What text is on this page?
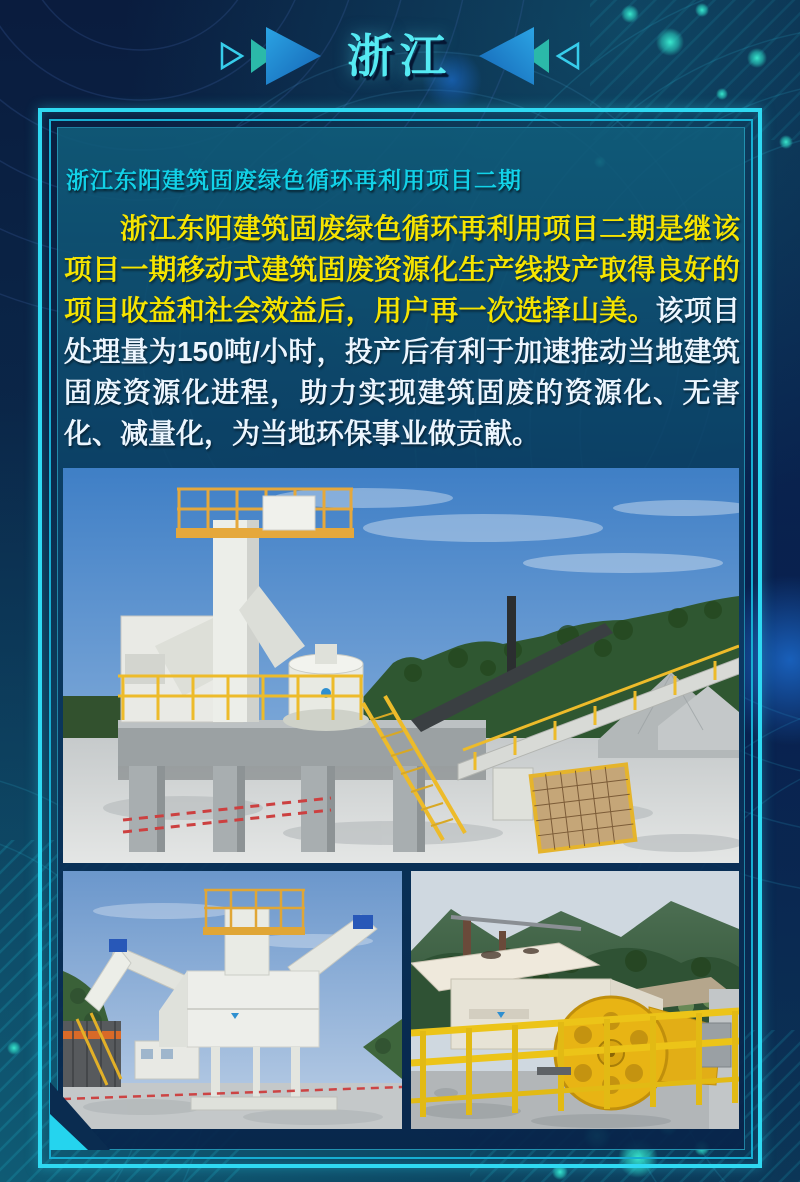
浙江
浙江东阳建筑固废绿色循环再利用项目二期

浙江东阳建筑固废绿色循环再利用项目二期是继该项目一期移动式建筑固废资源化生产线投产取得良好的项目收益和社会效益后，用户再一次选择山美。该项目处理量为150吨/小时，投产后有利于加速推动当地建筑固废资源化进程，助力实现建筑固废的资源化、无害化、减量化，为当地环保事业做贡献。
